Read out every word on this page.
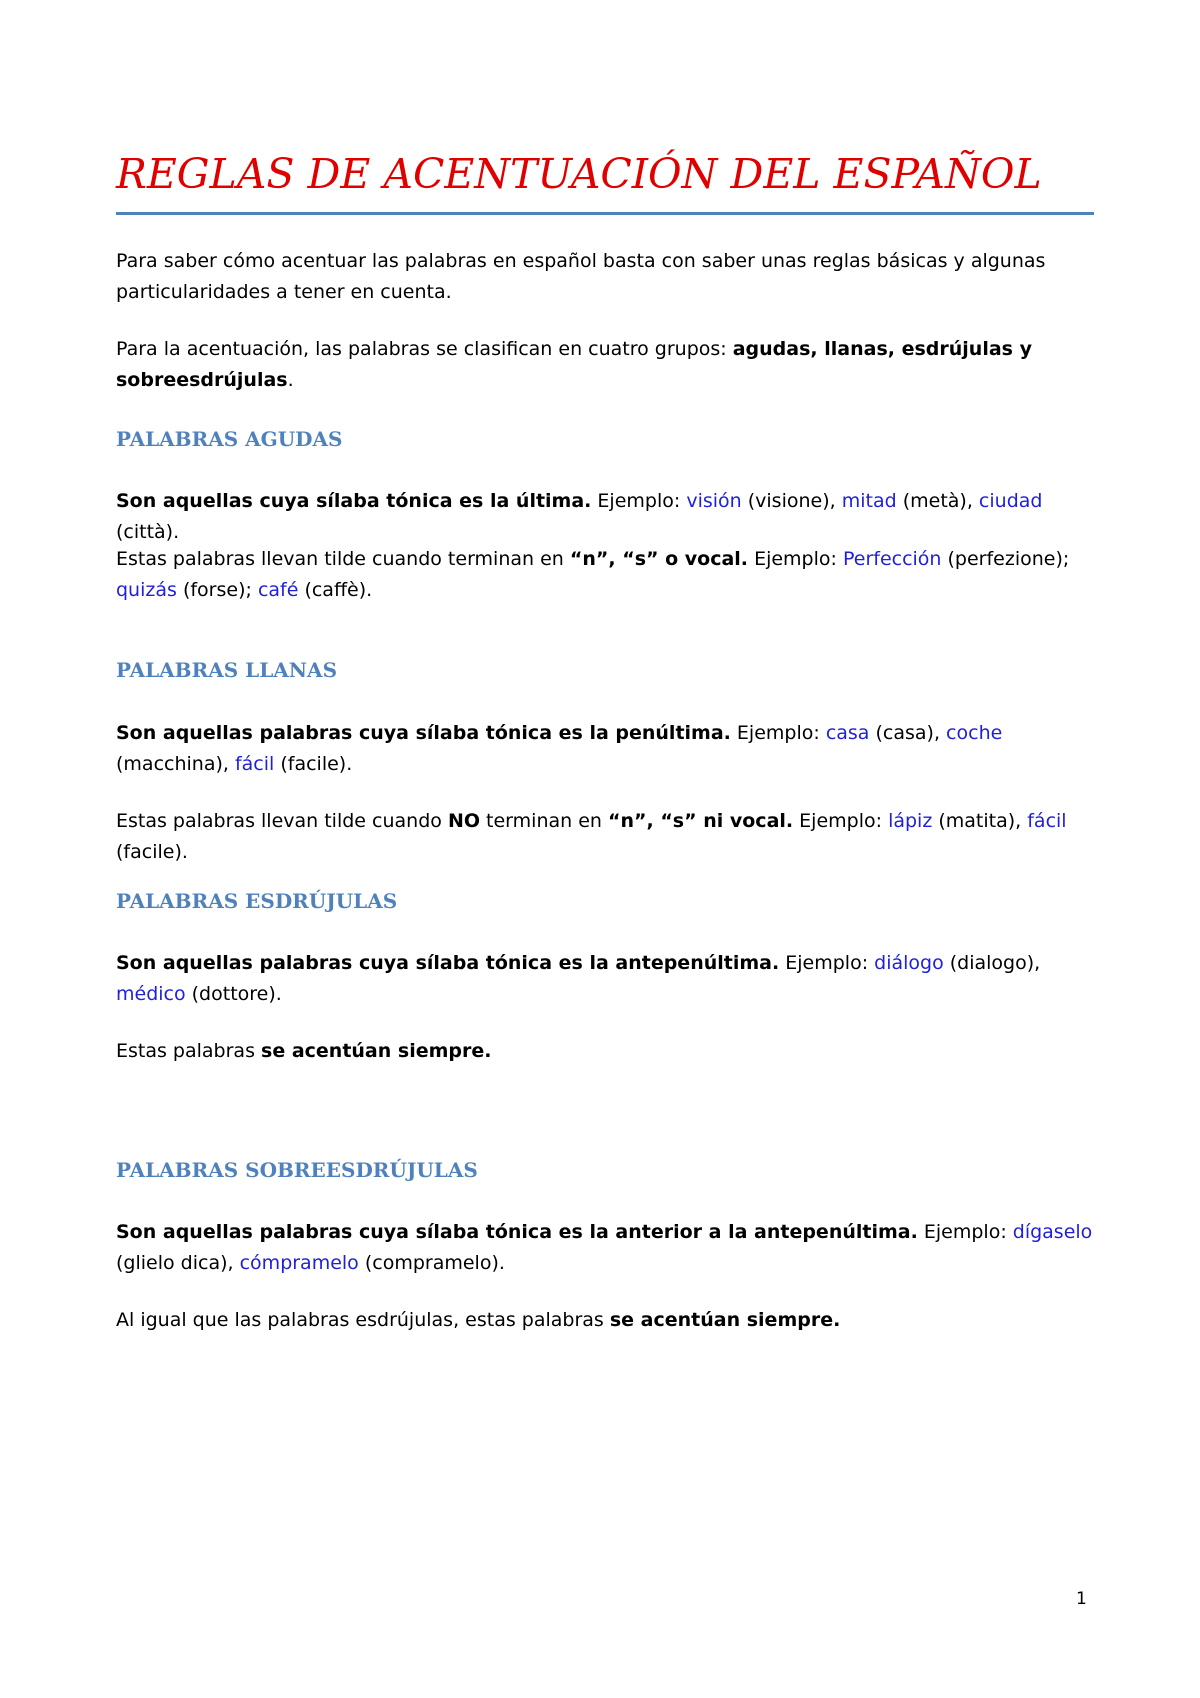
REGLAS DE ACENTUACIÓN DEL ESPAÑOL

Para saber cómo acentuar las palabras en español basta con saber unas reglas básicas y algunas particularidades a tener en cuenta.

Para la acentuación, las palabras se clasifican en cuatro grupos: agudas, llanas, esdrújulas y sobreesdrújulas.

PALABRAS AGUDAS

Son aquellas cuya sílaba tónica es la última. Ejemplo: visión (visione), mitad (metà), ciudad (città).

Estas palabras llevan tilde cuando terminan en “n”, “s” o vocal. Ejemplo: Perfección (perfezione); quizás (forse); café (caffè).

PALABRAS LLANAS

Son aquellas palabras cuya sílaba tónica es la penúltima. Ejemplo: casa (casa), coche (macchina), fácil (facile).

Estas palabras llevan tilde cuando NO terminan en “n”, “s” ni vocal. Ejemplo: lápiz (matita), fácil (facile).

PALABRAS ESDRÚJULAS

Son aquellas palabras cuya sílaba tónica es la antepenúltima. Ejemplo: diálogo (dialogo), médico (dottore).

Estas palabras se acentúan siempre.

PALABRAS SOBREESDRÚJULAS

Son aquellas palabras cuya sílaba tónica es la anterior a la antepenúltima. Ejemplo: dígaselo (glielo dica), cómpramelo (compramelo).

Al igual que las palabras esdrújulas, estas palabras se acentúan siempre.

1
